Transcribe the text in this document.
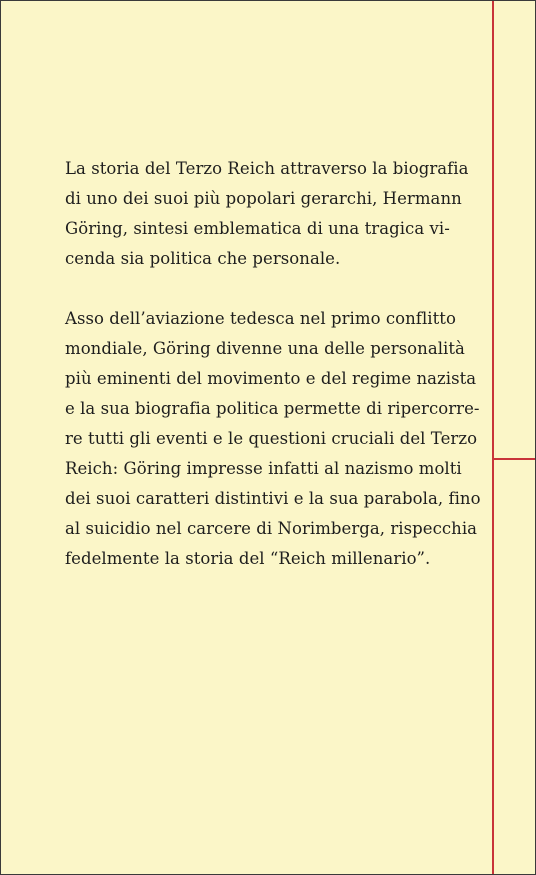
La storia del Terzo Reich attraverso la biografia
di uno dei suoi più popolari gerarchi, Hermann
Göring, sintesi emblematica di una tragica vi-
cenda sia politica che personale.

Asso dell’aviazione tedesca nel primo conflitto
mondiale, Göring divenne una delle personalità
più eminenti del movimento e del regime nazista
e la sua biografia politica permette di ripercorre-
re tutti gli eventi e le questioni cruciali del Terzo
Reich: Göring impresse infatti al nazismo molti
dei suoi caratteri distintivi e la sua parabola, fino
al suicidio nel carcere di Norimberga, rispecchia
fedelmente la storia del “Reich millenario”.
